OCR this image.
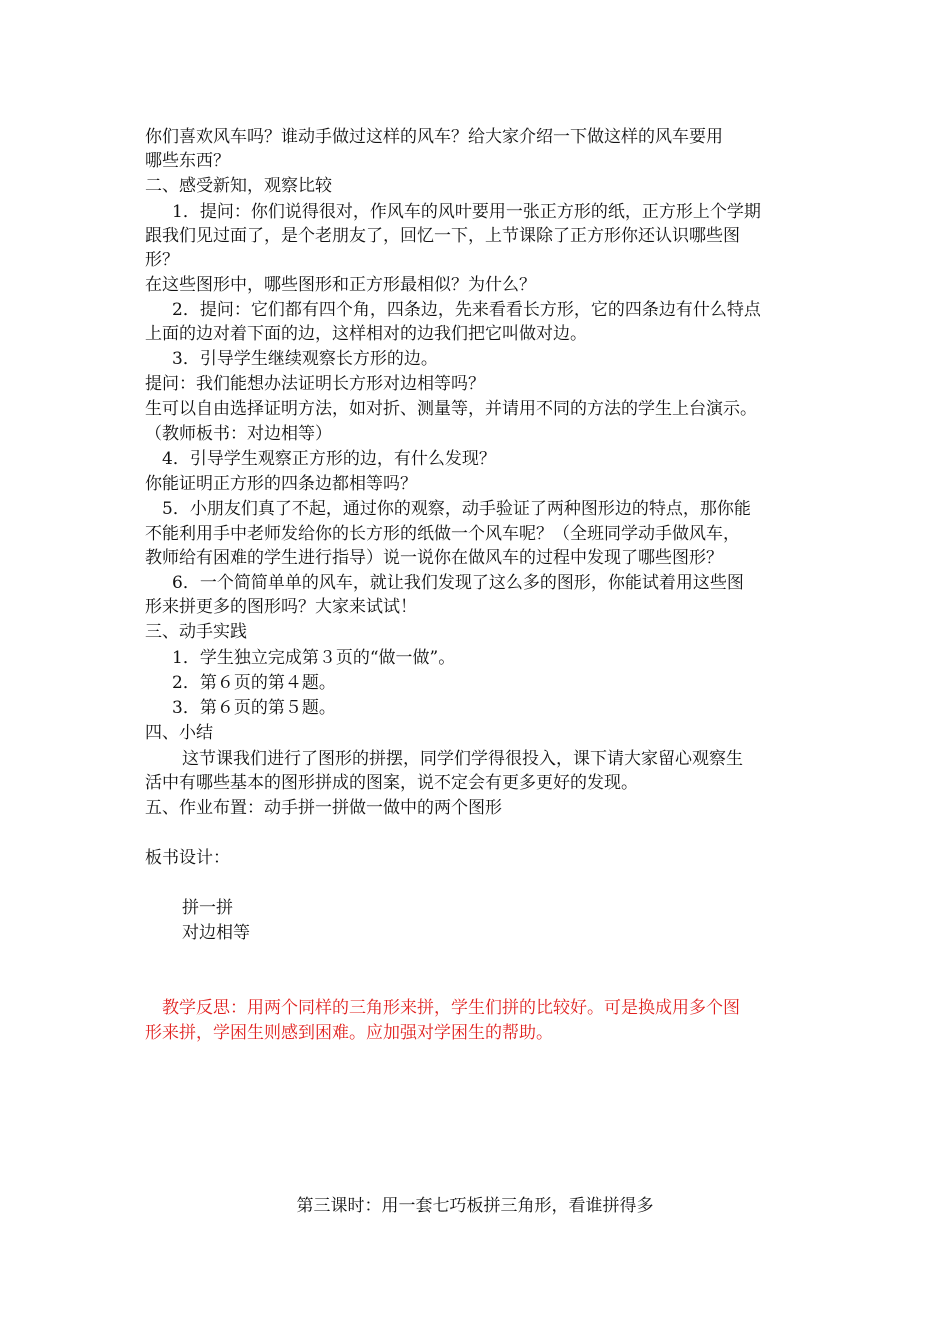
你们喜欢风车吗？谁动手做过这样的风车？给大家介绍一下做这样的风车要用
哪些东西？
二、感受新知，观察比较
1．提问：你们说得很对，作风车的风叶要用一张正方形的纸，正方形上个学期
跟我们见过面了，是个老朋友了，回忆一下，上节课除了正方形你还认识哪些图
形？
在这些图形中，哪些图形和正方形最相似？为什么？
2．提问：它们都有四个角，四条边，先来看看长方形，它的四条边有什么特点
上面的边对着下面的边，这样相对的边我们把它叫做对边。
3．引导学生继续观察长方形的边。
提问：我们能想办法证明长方形对边相等吗？
生可以自由选择证明方法，如对折、测量等，并请用不同的方法的学生上台演示。
（教师板书：对边相等）
4．引导学生观察正方形的边，有什么发现？
你能证明正方形的四条边都相等吗？
5．小朋友们真了不起，通过你的观察，动手验证了两种图形边的特点，那你能
不能利用手中老师发给你的长方形的纸做一个风车呢？（全班同学动手做风车，
教师给有困难的学生进行指导）说一说你在做风车的过程中发现了哪些图形？
6．一个简简单单的风车，就让我们发现了这么多的图形，你能试着用这些图
形来拼更多的图形吗？大家来试试！
三、动手实践
1．学生独立完成第３页的“做一做”。
2．第６页的第４题。
3．第６页的第５题。
四、小结
这节课我们进行了图形的拼摆，同学们学得很投入，课下请大家留心观察生
活中有哪些基本的图形拼成的图案，说不定会有更多更好的发现。
五、作业布置：动手拼一拼做一做中的两个图形
板书设计：
拼一拼
对边相等
教学反思：用两个同样的三角形来拼，学生们拼的比较好。可是换成用多个图
形来拼，学困生则感到困难。应加强对学困生的帮助。
第三课时：用一套七巧板拼三角形，看谁拼得多
